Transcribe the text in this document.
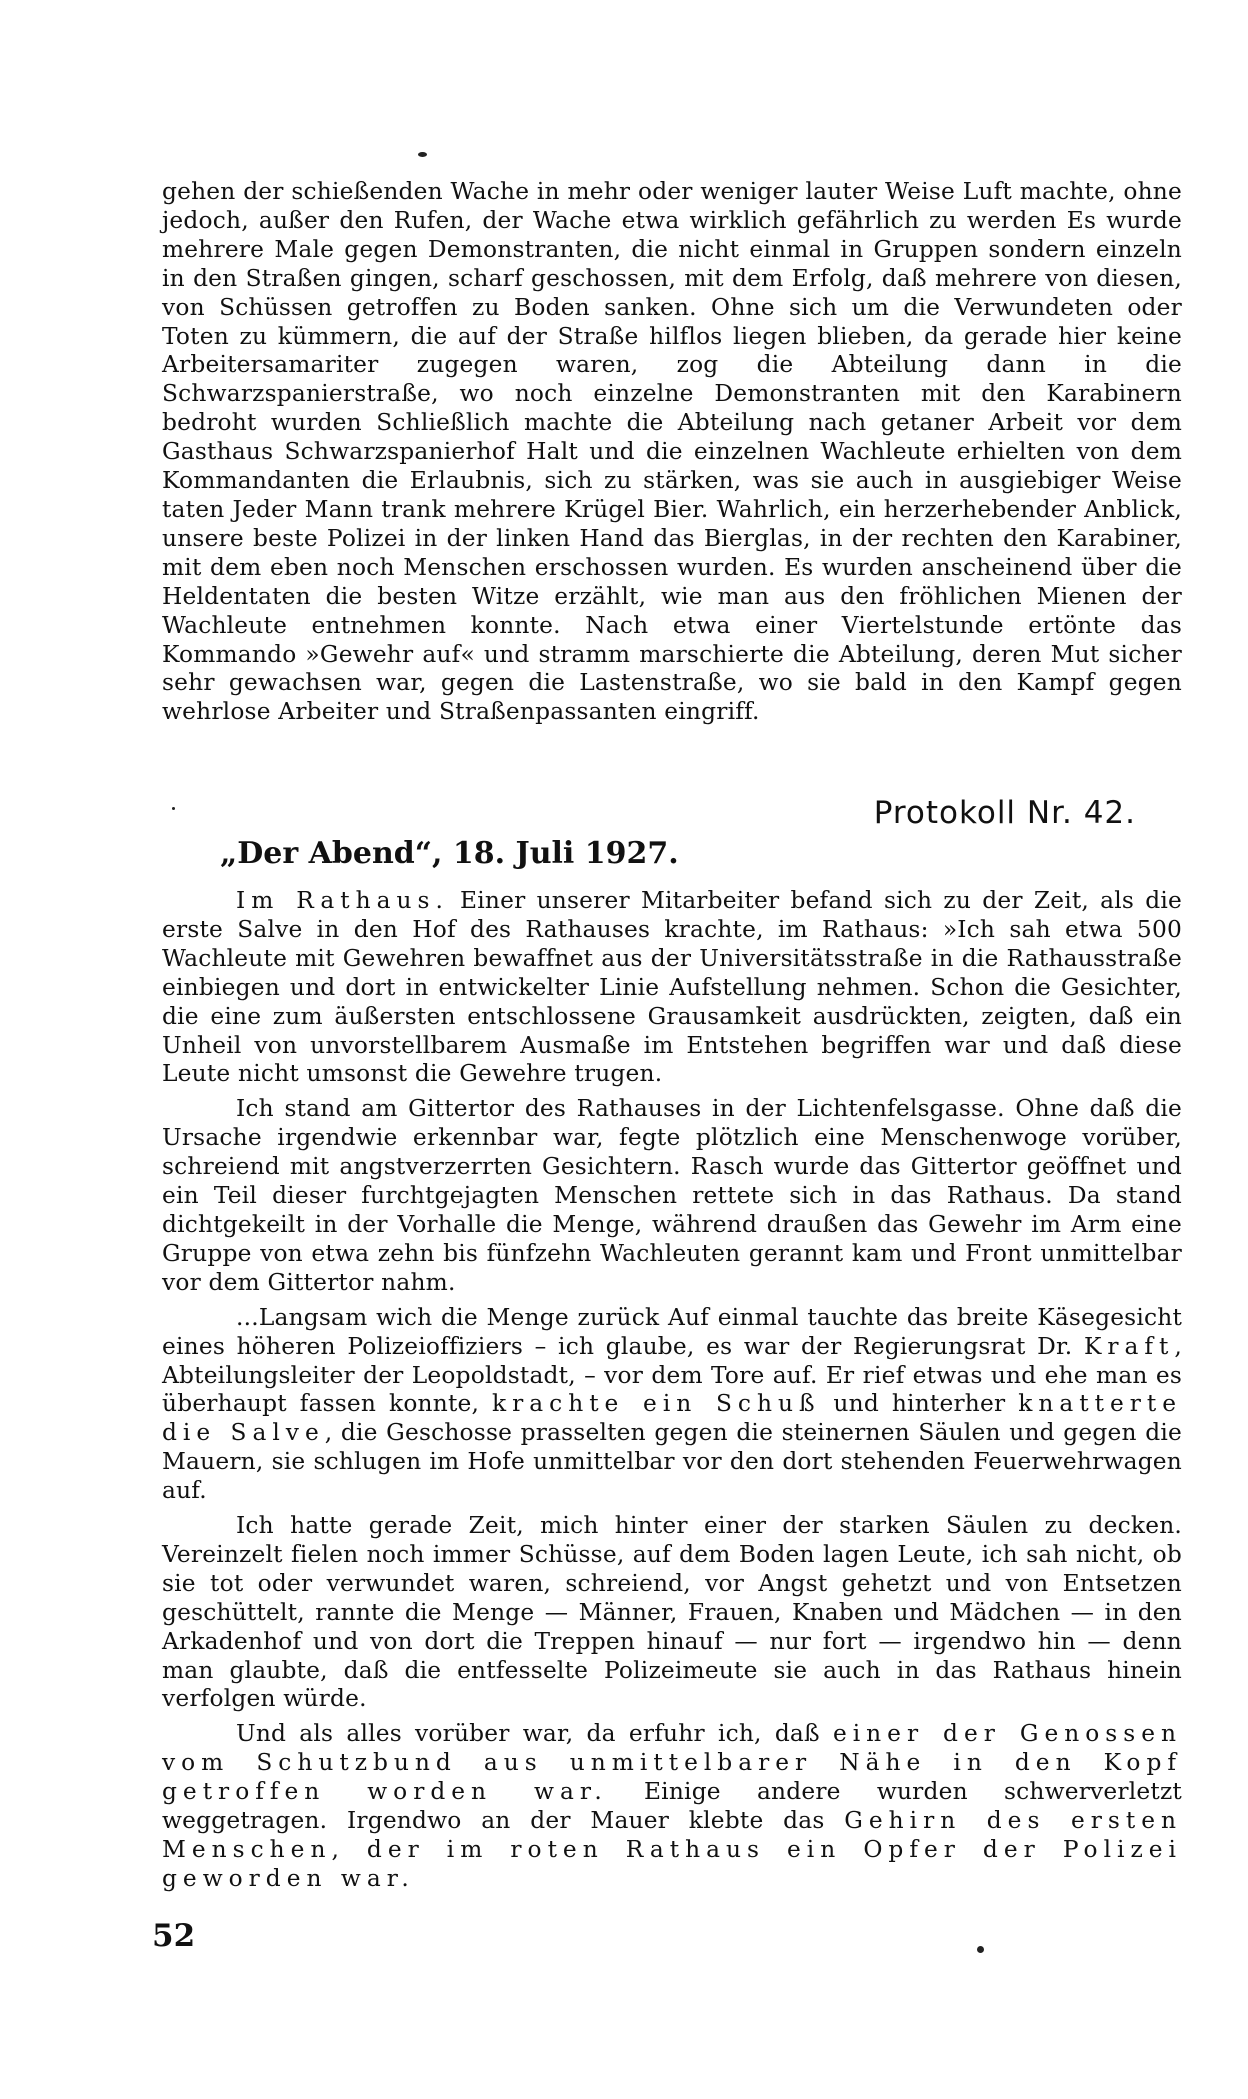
gehen der schießenden Wache in mehr oder weniger lauter Weise Luft machte, ohne jedoch, außer den Rufen, der Wache etwa wirklich gefährlich zu werden Es wurde mehrere Male gegen Demonstranten, die nicht einmal in Gruppen sondern einzeln in den Straßen gingen, scharf geschossen, mit dem Erfolg, daß mehrere von diesen, von Schüssen getroffen zu Boden sanken. Ohne sich um die Verwundeten oder Toten zu kümmern, die auf der Straße hilflos liegen blieben, da gerade hier keine Arbeitersamariter zugegen waren, zog die Abteilung dann in die Schwarzspanierstraße, wo noch einzelne Demonstranten mit den Karabinern bedroht wurden Schließlich machte die Abteilung nach getaner Arbeit vor dem Gasthaus Schwarzspanierhof Halt und die einzelnen Wachleute erhielten von dem Kommandanten die Erlaubnis, sich zu stärken, was sie auch in ausgiebiger Weise taten Jeder Mann trank mehrere Krügel Bier. Wahrlich, ein herzerhebender Anblick, unsere beste Polizei in der linken Hand das Bierglas, in der rechten den Karabiner, mit dem eben noch Menschen erschossen wurden. Es wurden anscheinend über die Heldentaten die besten Witze erzählt, wie man aus den fröhlichen Mienen der Wachleute entnehmen konnte. Nach etwa einer Viertelstunde ertönte das Kommando »Gewehr auf« und stramm marschierte die Abteilung, deren Mut sicher sehr gewachsen war, gegen die Lastenstraße, wo sie bald in den Kampf gegen wehrlose Arbeiter und Straßenpassanten eingriff.

Protokoll Nr. 42.
„Der Abend“, 18. Juli 1927.

Im Rathaus. Einer unserer Mitarbeiter befand sich zu der Zeit, als die erste Salve in den Hof des Rathauses krachte, im Rathaus: »Ich sah etwa 500 Wachleute mit Gewehren bewaffnet aus der Universitätsstraße in die Rathausstraße einbiegen und dort in entwickelter Linie Aufstellung nehmen. Schon die Gesichter, die eine zum äußersten entschlossene Grausamkeit ausdrückten, zeigten, daß ein Unheil von unvorstellbarem Ausmaße im Entstehen begriffen war und daß diese Leute nicht umsonst die Gewehre trugen.

Ich stand am Gittertor des Rathauses in der Lichtenfelsgasse. Ohne daß die Ursache irgendwie erkennbar war, fegte plötzlich eine Menschenwoge vorüber, schreiend mit angstverzerrten Gesichtern. Rasch wurde das Gittertor geöffnet und ein Teil dieser furchtgejagten Menschen rettete sich in das Rathaus. Da stand dichtgekeilt in der Vorhalle die Menge, während draußen das Gewehr im Arm eine Gruppe von etwa zehn bis fünfzehn Wachleuten gerannt kam und Front unmittelbar vor dem Gittertor nahm.

...Langsam wich die Menge zurück Auf einmal tauchte das breite Käsegesicht eines höheren Polizeioffiziers – ich glaube, es war der Regierungsrat Dr. Kraft, Abteilungsleiter der Leopoldstadt, – vor dem Tore auf. Er rief etwas und ehe man es überhaupt fassen konnte, krachte ein Schuß und hinterher knatterte die Salve, die Geschosse prasselten gegen die steinernen Säulen und gegen die Mauern, sie schlugen im Hofe unmittelbar vor den dort stehenden Feuerwehrwagen auf.

Ich hatte gerade Zeit, mich hinter einer der starken Säulen zu decken. Vereinzelt fielen noch immer Schüsse, auf dem Boden lagen Leute, ich sah nicht, ob sie tot oder verwundet waren, schreiend, vor Angst gehetzt und von Entsetzen geschüttelt, rannte die Menge — Männer, Frauen, Knaben und Mädchen — in den Arkadenhof und von dort die Treppen hinauf — nur fort — irgendwo hin — denn man glaubte, daß die entfesselte Polizeimeute sie auch in das Rathaus hinein verfolgen würde.

Und als alles vorüber war, da erfuhr ich, daß einer der Genossen vom Schutzbund aus unmittelbarer Nähe in den Kopf getroffen worden war. Einige andere wurden schwerverletzt weggetragen. Irgendwo an der Mauer klebte das Gehirn des ersten Menschen, der im roten Rathaus ein Opfer der Polizei geworden war.

52
